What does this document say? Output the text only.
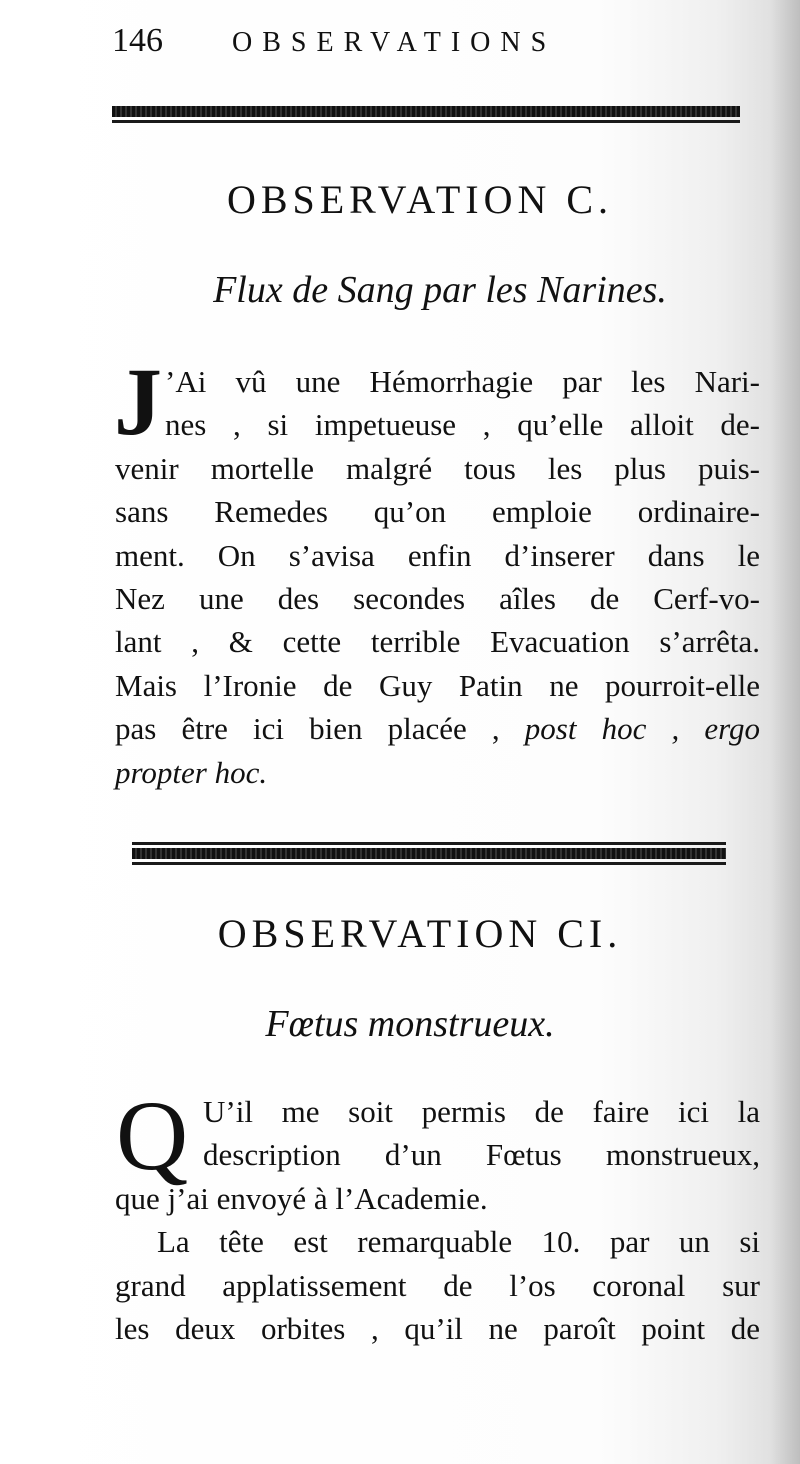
146	OBSERVATIONS
OBSERVATION C.
Flux de Sang par les Narines.
J ’Ai vû une Hémorrhagie par les Nari-
nes , si impetueuse , qu’elle alloit de-
venir mortelle malgré tous les plus puis-
sans Remedes qu’on emploie ordinaire-
ment. On s’avisa enfin d’inserer dans le
Nez une des secondes aîles de Cerf-vo-
lant , & cette terrible Evacuation s’arrêta.
Mais l’Ironie de Guy Patin ne pourroit-elle
pas être ici bien placée , post hoc , ergo
propter hoc.
OBSERVATION CI.
Fœtus monstrueux.
Q U’il me soit permis de faire ici la
description d’un Fœtus monstrueux,
que j’ai envoyé à l’Academie.
La tête est remarquable 10. par un si
grand applatissement de l’os coronal sur
les deux orbites , qu’il ne paroît point de
